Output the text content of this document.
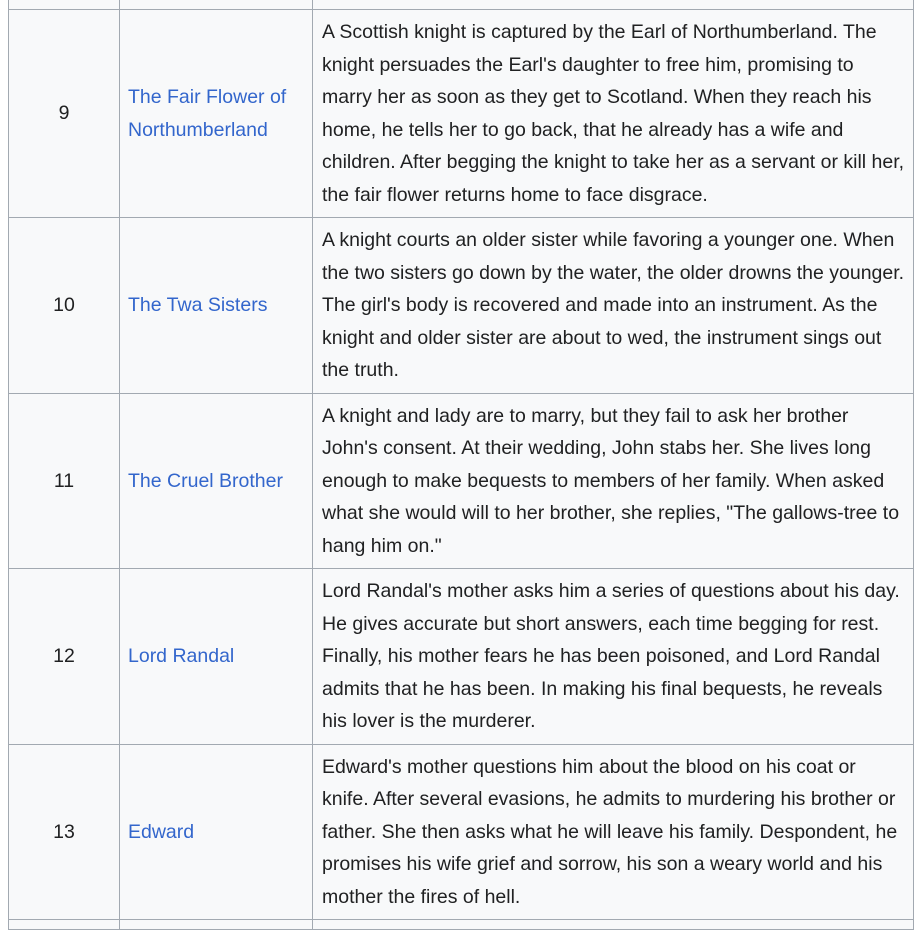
9	The Fair Flower of Northumberland	A Scottish knight is captured by the Earl of Northumberland. The knight persuades the Earl's daughter to free him, promising to marry her as soon as they get to Scotland. When they reach his home, he tells her to go back, that he already has a wife and children. After begging the knight to take her as a servant or kill her, the fair flower returns home to face disgrace.
10	The Twa Sisters	A knight courts an older sister while favoring a younger one. When the two sisters go down by the water, the older drowns the younger. The girl's body is recovered and made into an instrument. As the knight and older sister are about to wed, the instrument sings out the truth.
11	The Cruel Brother	A knight and lady are to marry, but they fail to ask her brother John's consent. At their wedding, John stabs her. She lives long enough to make bequests to members of her family. When asked what she would will to her brother, she replies, "The gallows-tree to hang him on."
12	Lord Randal	Lord Randal's mother asks him a series of questions about his day. He gives accurate but short answers, each time begging for rest. Finally, his mother fears he has been poisoned, and Lord Randal admits that he has been. In making his final bequests, he reveals his lover is the murderer.
13	Edward	Edward's mother questions him about the blood on his coat or knife. After several evasions, he admits to murdering his brother or father. She then asks what he will leave his family. Despondent, he promises his wife grief and sorrow, his son a weary world and his mother the fires of hell.
